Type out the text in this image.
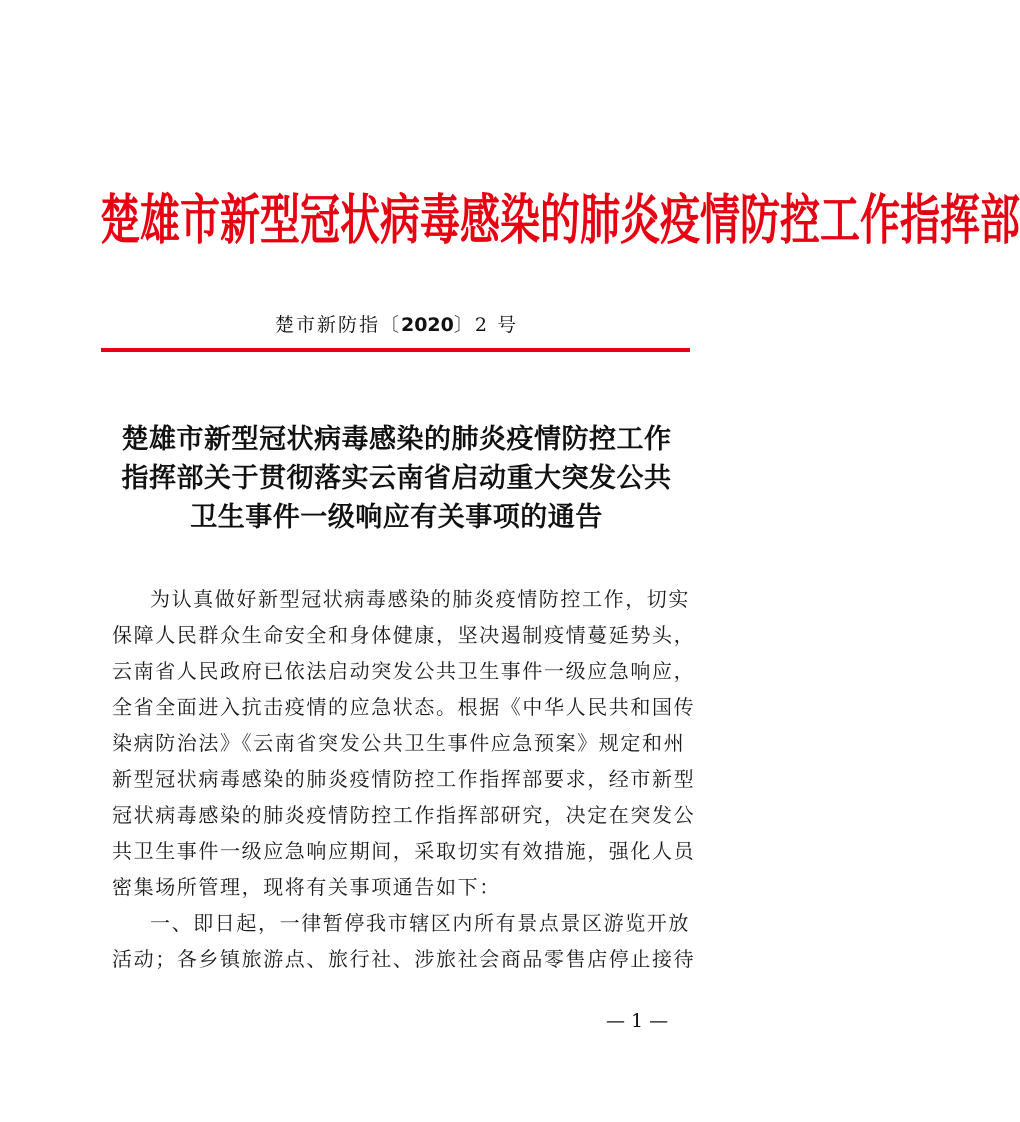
楚雄市新型冠状病毒感染的肺炎疫情防控工作指挥部
楚市新防指〔2020〕2 号
楚雄市新型冠状病毒感染的肺炎疫情防控工作
指挥部关于贯彻落实云南省启动重大突发公共
卫生事件一级响应有关事项的通告
为认真做好新型冠状病毒感染的肺炎疫情防控工作，切实
保障人民群众生命安全和身体健康，坚决遏制疫情蔓延势头，
云南省人民政府已依法启动突发公共卫生事件一级应急响应，
全省全面进入抗击疫情的应急状态。根据《中华人民共和国传
染病防治法》《云南省突发公共卫生事件应急预案》规定和州
新型冠状病毒感染的肺炎疫情防控工作指挥部要求，经市新型
冠状病毒感染的肺炎疫情防控工作指挥部研究，决定在突发公
共卫生事件一级应急响应期间，采取切实有效措施，强化人员
密集场所管理，现将有关事项通告如下：
一、即日起，一律暂停我市辖区内所有景点景区游览开放
活动；各乡镇旅游点、旅行社、涉旅社会商品零售店停止接待
— 1 —
